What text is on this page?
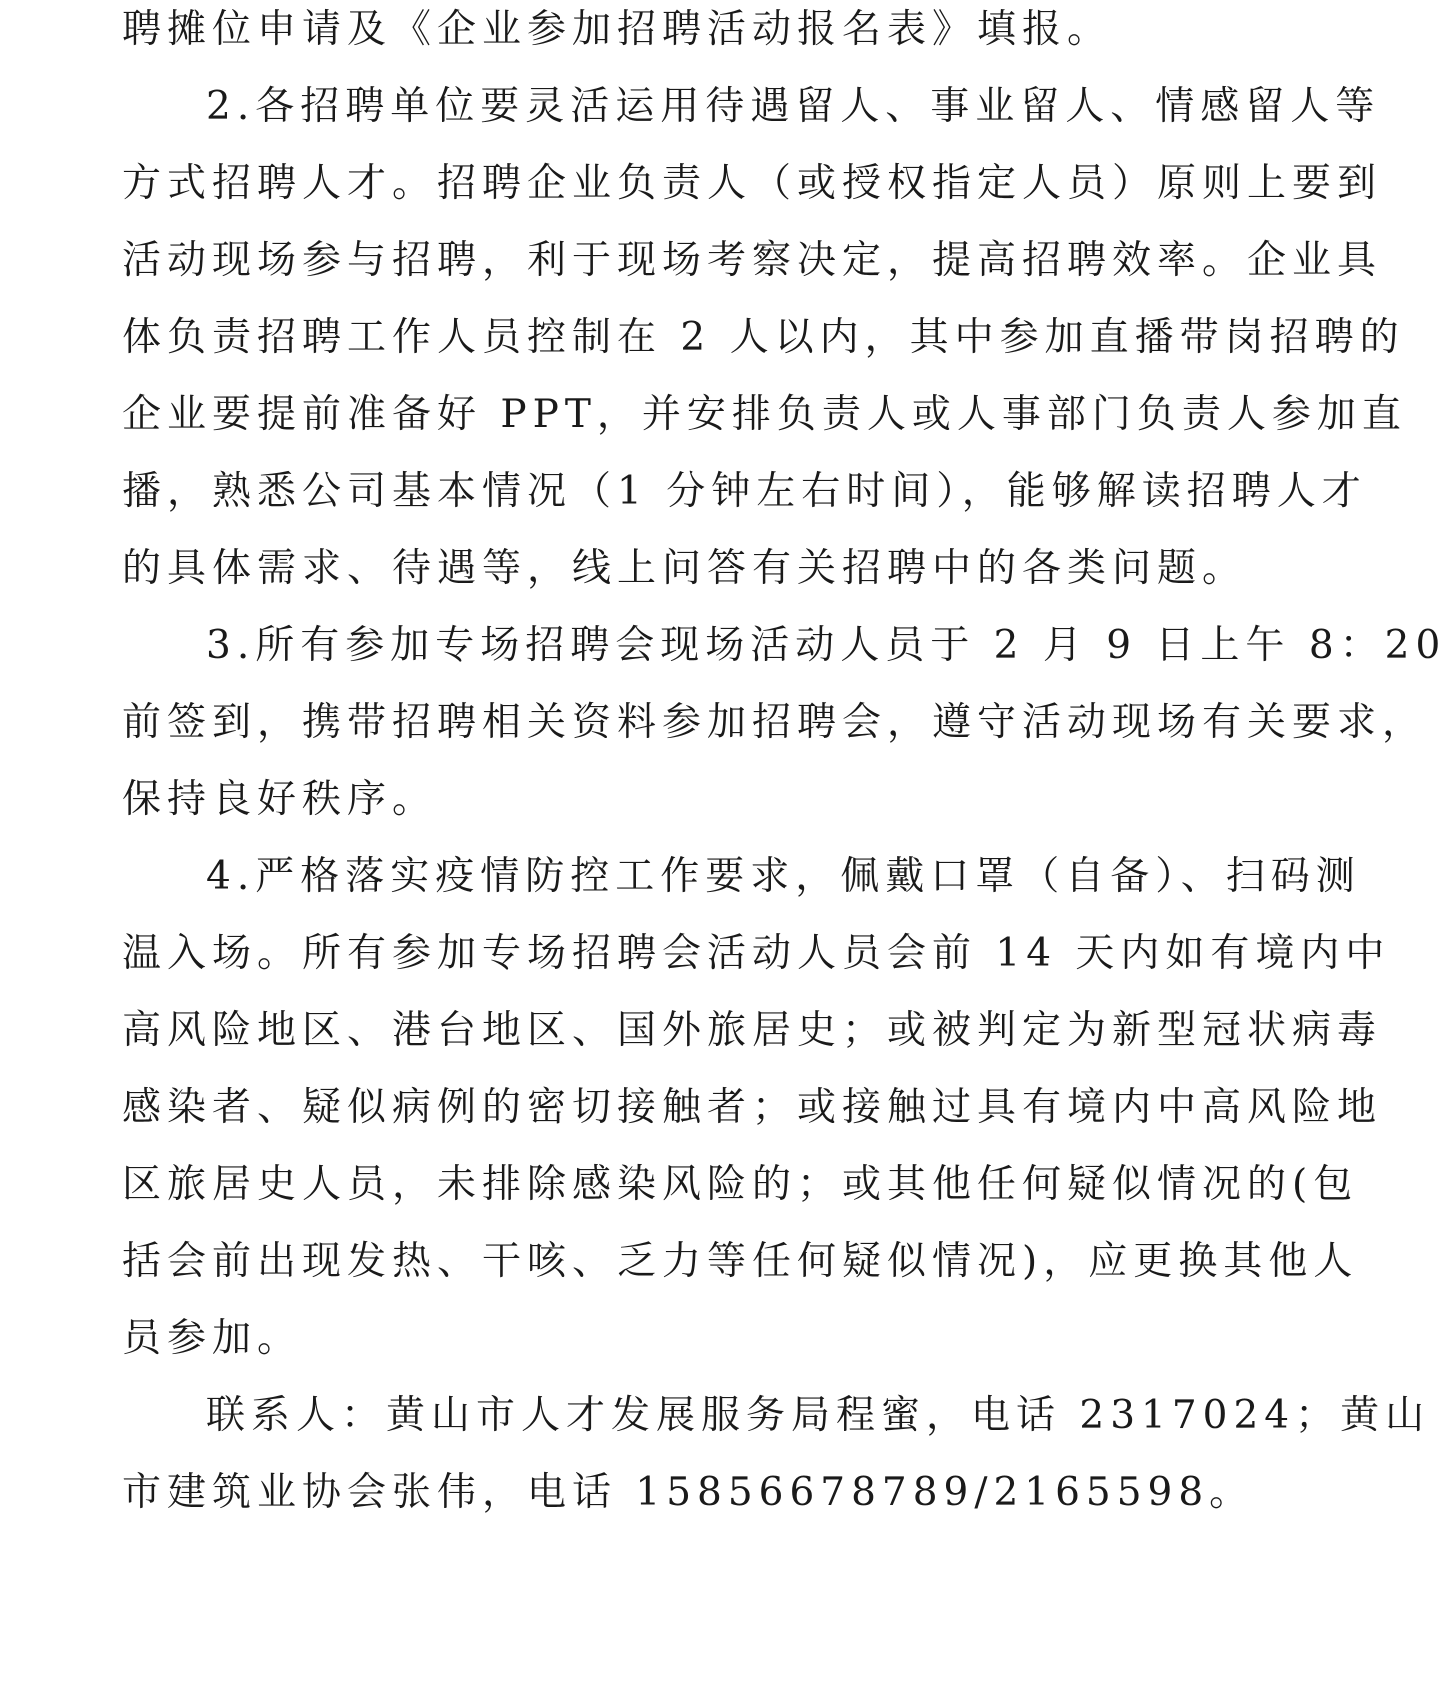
聘摊位申请及《企业参加招聘活动报名表》填报。
2.各招聘单位要灵活运用待遇留人、事业留人、情感留人等
方式招聘人才。招聘企业负责人（或授权指定人员）原则上要到
活动现场参与招聘，利于现场考察决定，提高招聘效率。企业具
体负责招聘工作人员控制在 2 人以内，其中参加直播带岗招聘的
企业要提前准备好 PPT，并安排负责人或人事部门负责人参加直
播，熟悉公司基本情况（1 分钟左右时间），能够解读招聘人才
的具体需求、待遇等，线上问答有关招聘中的各类问题。
3.所有参加专场招聘会现场活动人员于 2 月 9 日上午 8：20
前签到，携带招聘相关资料参加招聘会，遵守活动现场有关要求，
保持良好秩序。
4.严格落实疫情防控工作要求，佩戴口罩（自备）、扫码测
温入场。所有参加专场招聘会活动人员会前 14 天内如有境内中
高风险地区、港台地区、国外旅居史；或被判定为新型冠状病毒
感染者、疑似病例的密切接触者；或接触过具有境内中高风险地
区旅居史人员，未排除感染风险的；或其他任何疑似情况的(包
括会前出现发热、干咳、乏力等任何疑似情况)，应更换其他人
员参加。
联系人：黄山市人才发展服务局程蜜，电话 2317024；黄山
市建筑业协会张伟，电话 15856678789/2165598。
